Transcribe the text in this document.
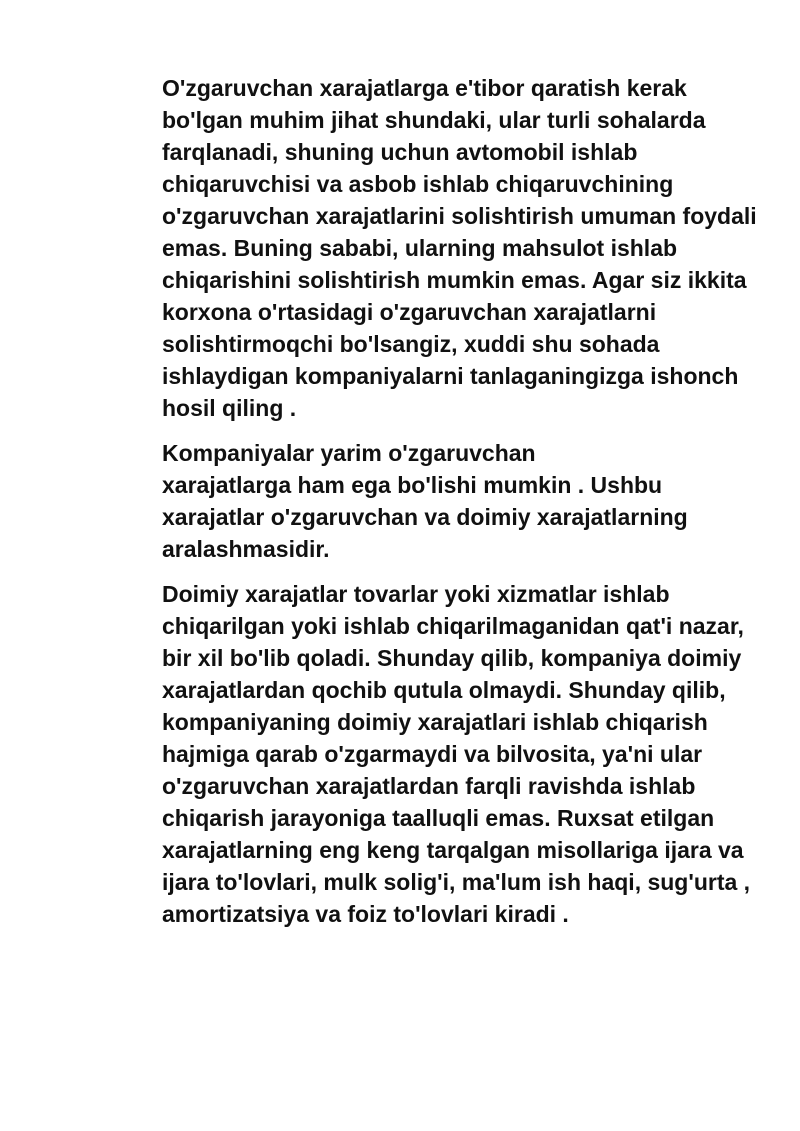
O'zgaruvchan xarajatlarga e'tibor qaratish kerak
bo'lgan muhim jihat shundaki, ular turli sohalarda
farqlanadi, shuning uchun avtomobil ishlab
chiqaruvchisi va asbob ishlab chiqaruvchining
o'zgaruvchan xarajatlarini solishtirish umuman foydali
emas. Buning sababi, ularning mahsulot ishlab
chiqarishini solishtirish mumkin emas. Agar siz ikkita
korxona o'rtasidagi o'zgaruvchan xarajatlarni
solishtirmoqchi bo'lsangiz, xuddi shu sohada
ishlaydigan kompaniyalarni tanlaganingizga ishonch
hosil qiling .

Kompaniyalar yarim o'zgaruvchan
xarajatlarga ham ega bo'lishi mumkin . Ushbu
xarajatlar o'zgaruvchan va doimiy xarajatlarning
aralashmasidir.

Doimiy xarajatlar tovarlar yoki xizmatlar ishlab
chiqarilgan yoki ishlab chiqarilmaganidan qat'i nazar,
bir xil bo'lib qoladi. Shunday qilib, kompaniya doimiy
xarajatlardan qochib qutula olmaydi. Shunday qilib,
kompaniyaning doimiy xarajatlari ishlab chiqarish
hajmiga qarab o'zgarmaydi va bilvosita, ya'ni ular
o'zgaruvchan xarajatlardan farqli ravishda ishlab
chiqarish jarayoniga taalluqli emas. Ruxsat etilgan
xarajatlarning eng keng tarqalgan misollariga ijara va
ijara to'lovlari, mulk solig'i, ma'lum ish haqi, sug'urta ,
amortizatsiya va foiz to'lovlari kiradi .
